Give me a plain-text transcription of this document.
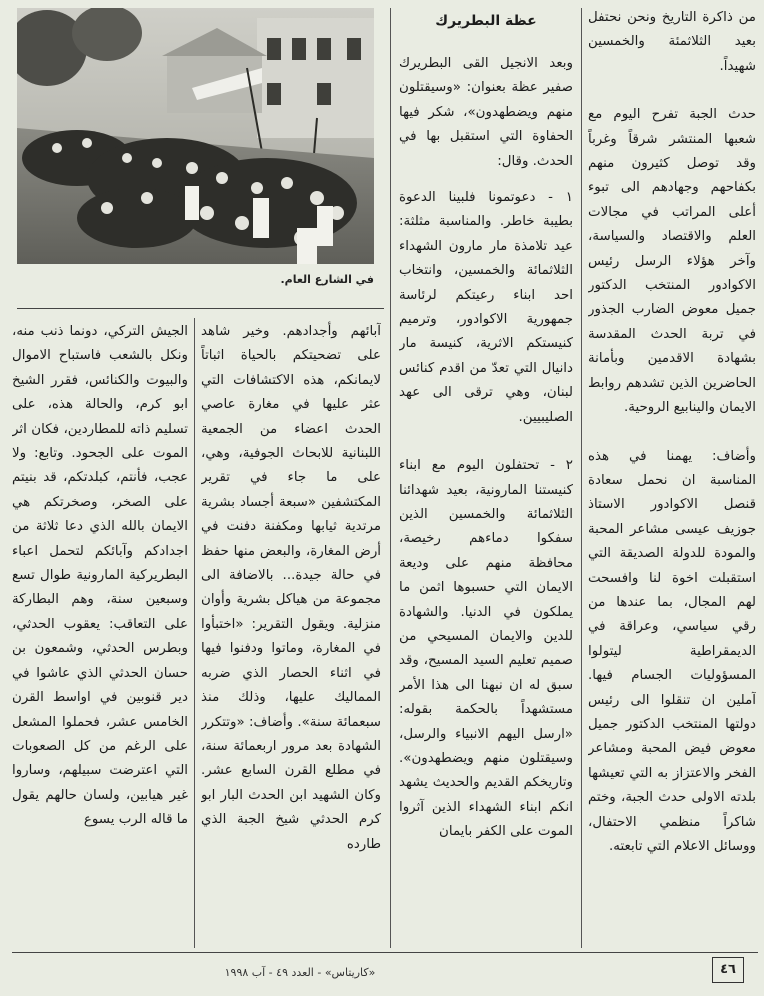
من ذاكرة التاريخ ونحن نحتفل بعيد الثلاثمئة والخمسين شهيداً.

حدث الجبة تفرح اليوم مع شعبها المنتشر شرقاً وغرباً وقد توصل كثيرون منهم بكفاحهم وجهادهم الى تبوء أعلى المراتب في مجالات العلم والاقتصاد والسياسة، وآخر هؤلاء الرسل رئيس الاكوادور المنتخب الدكتور جميل معوض الضارب الجذور في تربة الحدث المقدسة بشهادة الاقدمين وبأمانة الحاضرين الذين تشدهم روابط الايمان والينابيع الروحية.

وأضاف: يهمنا في هذه المناسبة ان نحمل سعادة قنصل الاكوادور الاستاذ جوزيف عيسى مشاعر المحبة والمودة للدولة الصديقة التي استقبلت اخوة لنا وافسحت لهم المجال، بما عندها من رقي سياسي، وعراقة في الديمقراطية ليتولوا المسؤوليات الجسام فيها. آملين ان تنقلوا الى رئيس دولتها المنتخب الدكتور جميل معوض فيض المحبة ومشاعر الفخر والاعتزاز به التي تعيشها بلدته الاولى حدث الجبة، وختم شاكراً منظمي الاحتفال، ووسائل الاعلام التي تابعته.

عظة البطريرك

وبعد الانجيل القى البطريرك صفير عظة بعنوان: «وسيقتلون منهم ويضطهدون»، شكر فيها الحفاوة التي استقبل بها في الحدث. وقال:

١ - دعوتمونا فلبينا الدعوة بطيبة خاطر. والمناسبة مثلثة: عيد تلامذة مار مارون الشهداء الثلاثمائة والخمسين، وانتخاب احد ابناء رعيتكم لرئاسة جمهورية الاكوادور، وترميم كنيستكم الاثرية، كنيسة مار دانيال التي تعدّ من اقدم كنائس لبنان، وهي ترقى الى عهد الصليبيين.

٢ - تحتفلون اليوم مع ابناء كنيستنا المارونية، بعيد شهدائنا الثلاثمائة والخمسين الذين سفكوا دماءهم رخيصة، محافظة منهم على وديعة الايمان التي حسبوها اثمن ما يملكون في الدنيا. والشهادة للدين والايمان المسيحي من صميم تعليم السيد المسيح، وقد سبق له ان نبهنا الى هذا الأمر مستشهداً بالحكمة بقوله: «ارسل اليهم الانبياء والرسل، وسيقتلون منهم ويضطهدون». وتاريخكم القديم والحديث يشهد انكم ابناء الشهداء الذين آثروا الموت على الكفر بايمان

في الشارع العام.

آبائهم وأجدادهم. وخير شاهد على تضحيتكم بالحياة اثباتاً لايمانكم، هذه الاكتشافات التي عثر عليها في مغارة عاصي الحدث اعضاء من الجمعية اللبنانية للابحاث الجوفية، وهي، على ما جاء في تقرير المكتشفين «سبعة أجساد بشرية مرتدية ثيابها ومكفنة دفنت في أرض المغارة، والبعض منها حفظ في حالة جيدة... بالاضافة الى مجموعة من هياكل بشرية وأوان منزلية. ويقول التقرير: «اختبأوا في المغارة، وماتوا ودفنوا فيها في اثناء الحصار الذي ضربه المماليك عليها، وذلك منذ سبعمائة سنة». وأضاف: «وتتكرر الشهادة بعد مرور اربعمائة سنة، في مطلع القرن السابع عشر. وكان الشهيد ابن الحدث البار ابو كرم الحدثي شيخ الجبة الذي طارده

الجيش التركي، دونما ذنب منه، ونكل بالشعب فاستباح الاموال والبيوت والكنائس، فقرر الشيخ ابو كرم، والحالة هذه، على تسليم ذاته للمطاردين، فكان اثر الموت على الجحود. وتابع: ولا عجب، فأنتم، كبلدتكم، قد بنيتم على الصخر، وصخرتكم هي الايمان بالله الذي دعا ثلاثة من اجدادكم وآبائكم لتحمل اعباء البطريركية المارونية طوال تسع وسبعين سنة، وهم البطاركة على التعاقب: يعقوب الحدثي، وبطرس الحدثي، وشمعون بن حسان الحدثي الذي عاشوا في دير قنوبين في اواسط القرن الخامس عشر، فحملوا المشعل على الرغم من كل الصعوبات التي اعترضت سبيلهم، وساروا غير هيابين، ولسان حالهم يقول ما قاله الرب يسوع

«كاريتاس» - العدد ٤٩ - آب ١٩٩٨	٤٦
